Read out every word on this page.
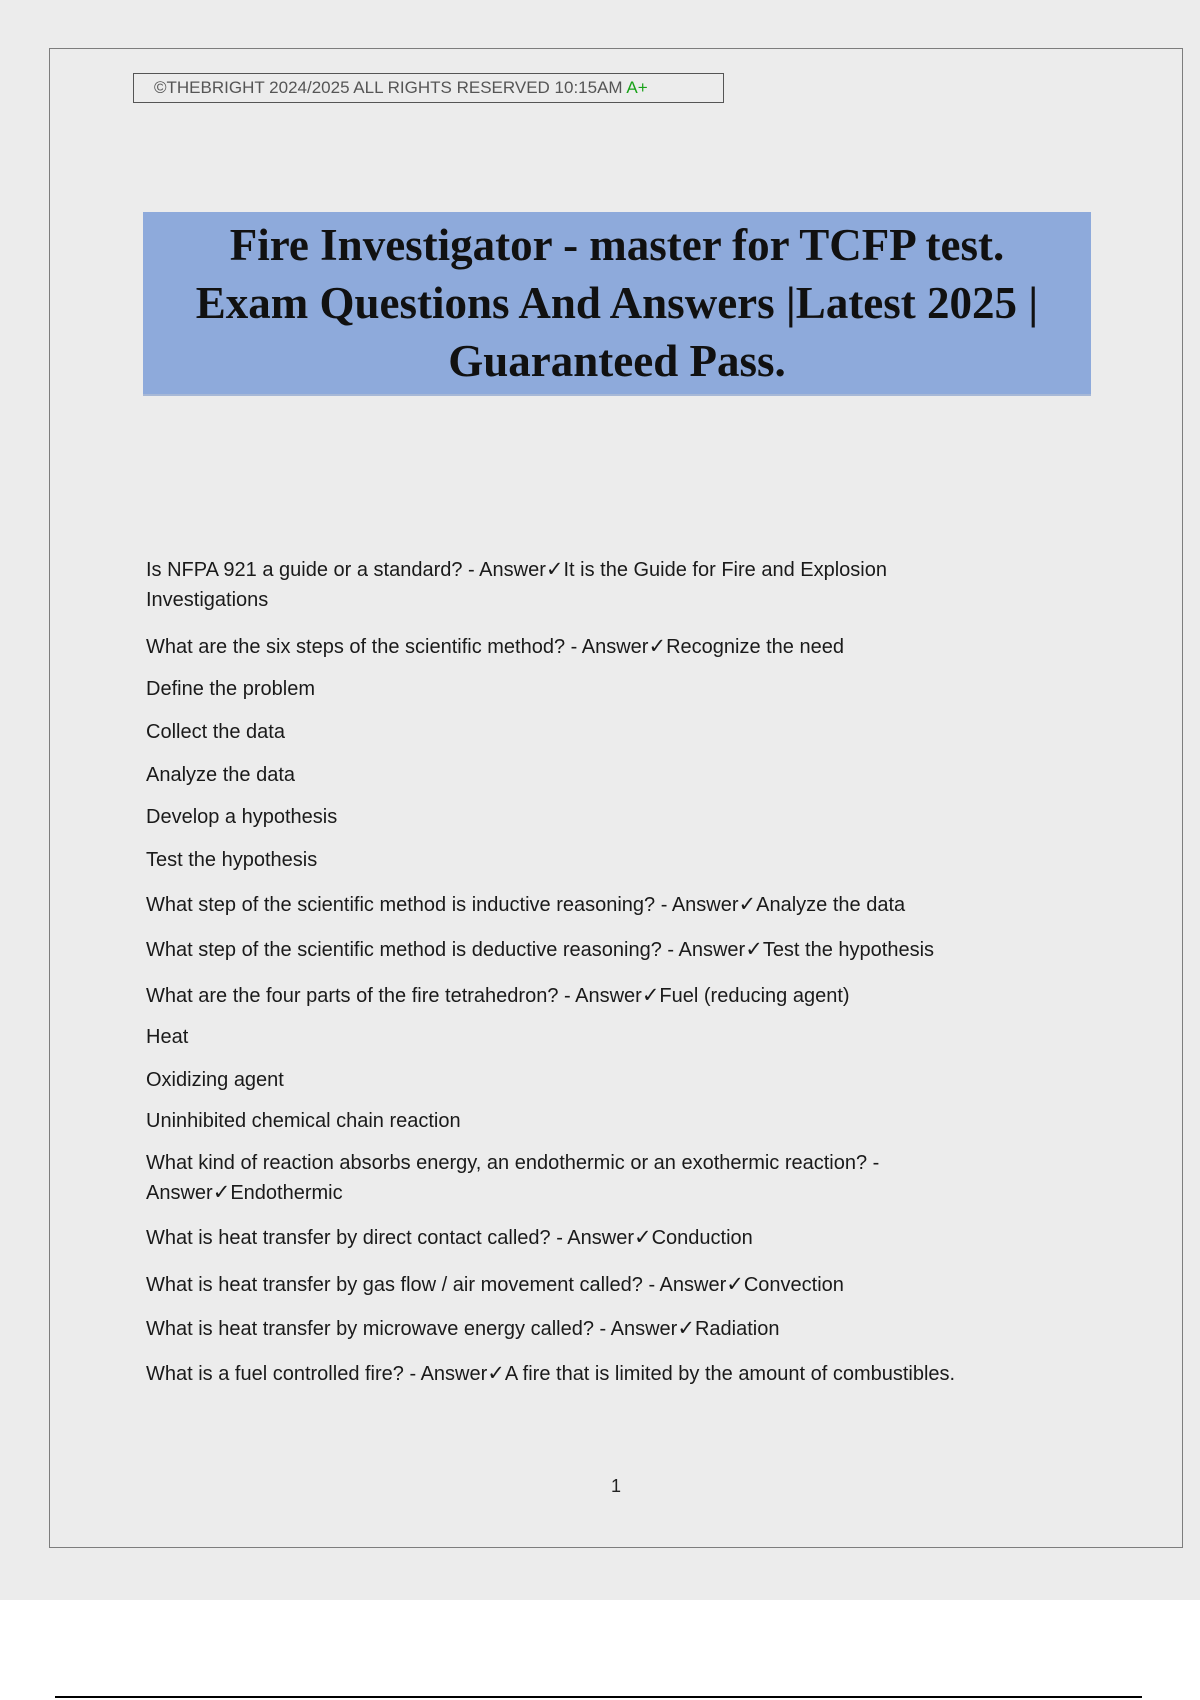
©THEBRIGHT 2024/2025 ALL RIGHTS RESERVED 10:15AM A+
Fire Investigator - master for TCFP test.
Exam Questions And Answers |Latest 2025 |
Guaranteed Pass.
Is NFPA 921 a guide or a standard? - Answer✓It is the Guide for Fire and Explosion
Investigations
What are the six steps of the scientific method? - Answer✓Recognize the need
Define the problem
Collect the data
Analyze the data
Develop a hypothesis
Test the hypothesis
What step of the scientific method is inductive reasoning? - Answer✓Analyze the data
What step of the scientific method is deductive reasoning? - Answer✓Test the hypothesis
What are the four parts of the fire tetrahedron? - Answer✓Fuel (reducing agent)
Heat
Oxidizing agent
Uninhibited chemical chain reaction
What kind of reaction absorbs energy, an endothermic or an exothermic reaction? -
Answer✓Endothermic
What is heat transfer by direct contact called? - Answer✓Conduction
What is heat transfer by gas flow / air movement called? - Answer✓Convection
What is heat transfer by microwave energy called? - Answer✓Radiation
What is a fuel controlled fire? - Answer✓A fire that is limited by the amount of combustibles.
1
